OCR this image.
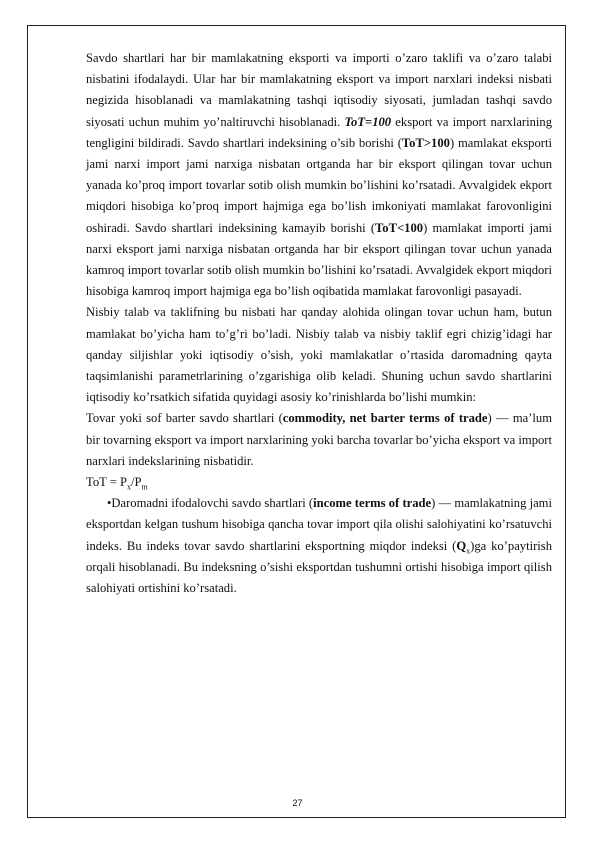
Savdo shartlari har bir mamlakatning eksporti va importi o’zaro taklifi va o’zaro talabi nisbatini ifodalaydi. Ular har bir mamlakatning eksport va import narxlari indeksi nisbati negizida hisoblanadi va mamlakatning tashqi iqtisodiy siyosati, jumladan tashqi savdo siyosati uchun muhim yo’naltiruvchi hisoblanadi. ToT=100 eksport va import narxlarining tengligini bildiradi. Savdo shartlari indeksining o’sib borishi (ToT>100) mamlakat eksporti jami narxi import jami narxiga nisbatan ortganda har bir eksport qilingan tovar uchun yanada ko’proq import tovarlar sotib olish mumkin bo’lishini ko’rsatadi. Avvalgidek ekport miqdori hisobiga ko’proq import hajmiga ega bo’lish imkoniyati mamlakat farovonligini oshiradi. Savdo shartlari indeksining kamayib borishi (ToT<100) mamlakat importi jami narxi eksport jami narxiga nisbatan ortganda har bir eksport qilingan tovar uchun yanada kamroq import tovarlar sotib olish mumkin bo’lishini ko’rsatadi. Avvalgidek ekport miqdori hisobiga kamroq import hajmiga ega bo’lish oqibatida mamlakat farovonligi pasayadi.

Nisbiy talab va taklifning bu nisbati har qanday alohida olingan tovar uchun ham, butun mamlakat bo’yicha ham to’g’ri bo’ladi. Nisbiy talab va nisbiy taklif egri chizig’idagi har qanday siljishlar yoki iqtisodiy o’sish, yoki mamlakatlar o’rtasida daromadning qayta taqsimlanishi parametrlarining o’zgarishiga olib keladi. Shuning uchun savdo shartlarini iqtisodiy ko’rsatkich sifatida quyidagi asosiy ko’rinishlarda bo’lishi mumkin:

Tovar yoki sof barter savdo shartlari (commodity, net barter terms of trade) — ma’lum bir tovarning eksport va import narxlarining yoki barcha tovarlar bo’yicha eksport va import narxlari indekslarining nisbatidir.

ToT = $P_x/P_m$

•Daromadni ifodalovchi savdo shartlari (income terms of trade) — mamlakatning jami eksportdan kelgan tushum hisobiga qancha tovar import qila olishi salohiyatini ko’rsatuvchi indeks. Bu indeks tovar savdo shartlarini eksportning miqdor indeksi $(Q_x)ga$ ko’paytirish orqali hisoblanadi. Bu indeksning o’sishi eksportdan tushumni ortishi hisobiga import qilish salohiyati ortishini ko’rsatadi.

27
